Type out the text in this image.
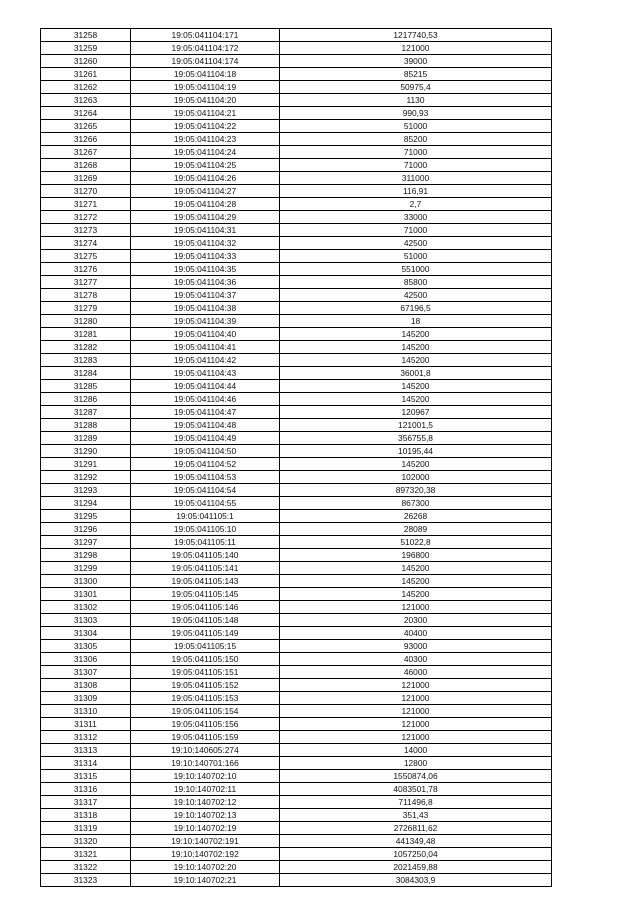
31258	19:05:041104:171	1217740,53
31259	19:05:041104:172	121000
31260	19:05:041104:174	39000
31261	19:05:041104:18	85215
31262	19:05:041104:19	50975,4
31263	19:05:041104:20	1130
31264	19:05:041104:21	990,93
31265	19:05:041104:22	51000
31266	19:05:041104:23	85200
31267	19:05:041104:24	71000
31268	19:05:041104:25	71000
31269	19:05:041104:26	311000
31270	19:05:041104:27	116,91
31271	19:05:041104:28	2,7
31272	19:05:041104:29	33000
31273	19:05:041104:31	71000
31274	19:05:041104:32	42500
31275	19:05:041104:33	51000
31276	19:05:041104:35	551000
31277	19:05:041104:36	85800
31278	19:05:041104:37	42500
31279	19:05:041104:38	67196,5
31280	19:05:041104:39	18
31281	19:05:041104:40	145200
31282	19:05:041104:41	145200
31283	19:05:041104:42	145200
31284	19:05:041104:43	36001,8
31285	19:05:041104:44	145200
31286	19:05:041104:46	145200
31287	19:05:041104:47	120967
31288	19:05:041104:48	121001,5
31289	19:05:041104:49	356755,8
31290	19:05:041104:50	10195,44
31291	19:05:041104:52	145200
31292	19:05:041104:53	102000
31293	19:05:041104:54	897320,38
31294	19:05:041104:55	867300
31295	19:05:041105:1	26268
31296	19:05:041105:10	28089
31297	19:05:041105:11	51022,8
31298	19:05:041105:140	196800
31299	19:05:041105:141	145200
31300	19:05:041105:143	145200
31301	19:05:041105:145	145200
31302	19:05:041105:146	121000
31303	19:05:041105:148	20300
31304	19:05:041105:149	40400
31305	19:05:041105:15	93000
31306	19:05:041105:150	40300
31307	19:05:041105:151	46000
31308	19:05:041105:152	121000
31309	19:05:041105:153	121000
31310	19:05:041105:154	121000
31311	19:05:041105:156	121000
31312	19:05:041105:159	121000
31313	19:10:140605:274	14000
31314	19:10:140701:166	12800
31315	19:10:140702:10	1550874,06
31316	19:10:140702:11	4083501,78
31317	19:10:140702:12	711496,8
31318	19:10:140702:13	351,43
31319	19:10:140702:19	2726811,62
31320	19:10:140702:191	441349,48
31321	19:10:140702:192	1057250,04
31322	19:10:140702:20	2021459,88
31323	19:10:140702:21	3084303,9
